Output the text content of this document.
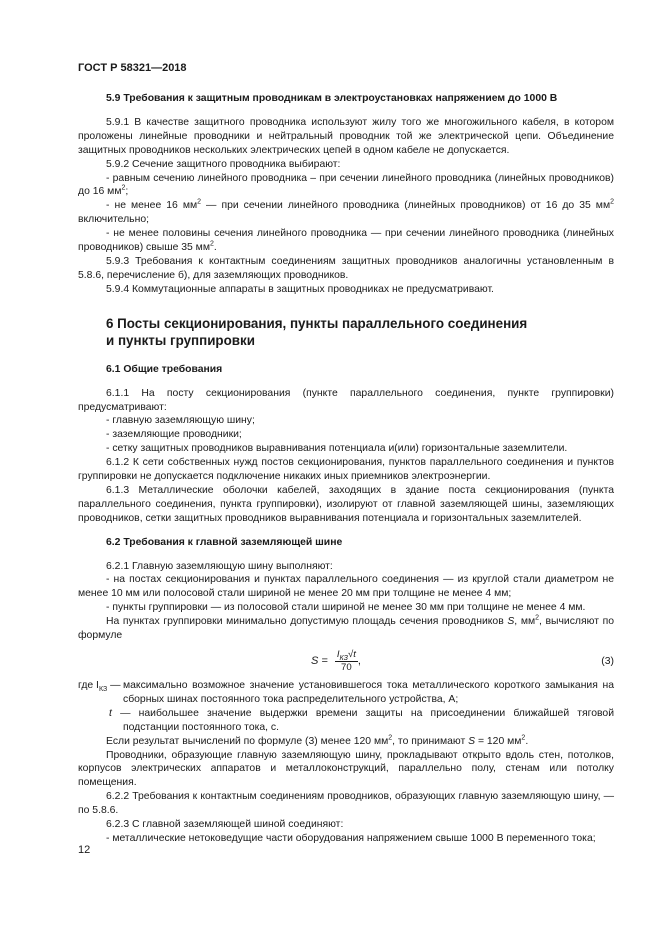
ГОСТ Р 58321—2018

5.9 Требования к защитным проводникам в электроустановках напряжением до 1000 В

5.9.1 В качестве защитного проводника используют жилу того же многожильного кабеля, в котором проложены линейные проводники и нейтральный проводник той же электрической цепи. Объединение защитных проводников нескольких электрических цепей в одном кабеле не допускается.

5.9.2 Сечение защитного проводника выбирают:

- равным сечению линейного проводника – при сечении линейного проводника (линейных проводников) до 16 $мм^2$;

- не менее 16 $мм^2$ — при сечении линейного проводника (линейных проводников) от 16 до 35 $мм^2$ включительно;

- не менее половины сечения линейного проводника — при сечении линейного проводника (линейных проводников) свыше 35 $мм^2$.

5.9.3 Требования к контактным соединениям защитных проводников аналогичны установленным в 5.8.6, перечисление б), для заземляющих проводников.

5.9.4 Коммутационные аппараты в защитных проводниках не предусматривают.

6 Посты секционирования, пункты параллельного соединения
и пункты группировки

6.1 Общие требования

6.1.1 На посту секционирования (пункте параллельного соединения, пункте группировки) предусматривают:

- главную заземляющую шину;

- заземляющие проводники;

- сетку защитных проводников выравнивания потенциала и(или) горизонтальные заземлители.

6.1.2 К сети собственных нужд постов секционирования, пунктов параллельного соединения и пунктов группировки не допускается подключение никаких иных приемников электроэнергии.

6.1.3 Металлические оболочки кабелей, заходящих в здание поста секционирования (пункта параллельного соединения, пункта группировки), изолируют от главной заземляющей шины, заземляющих проводников, сетки защитных проводников выравнивания потенциала и горизонтальных заземлителей.

6.2 Требования к главной заземляющей шине

6.2.1 Главную заземляющую шину выполняют:

- на постах секционирования и пунктах параллельного соединения — из круглой стали диаметром не менее 10 мм или полосовой стали шириной не менее 20 мм при толщине не менее 4 мм;

- пункты группировки — из полосовой стали шириной не менее 30 мм при толщине не менее 4 мм.

На пунктах группировки минимально допустимую площадь сечения проводников S, $мм^2$, вычисляют по формуле

$S = \frac{I_{КЗ}√t}{70}$ ,	(3)
где $I_{КЗ}$ — максимально возможное значение установившегося тока металлического короткого замыкания на сборных шинах постоянного тока распределительного устройства, А;

t — наибольшее значение выдержки времени защиты на присоединении ближайшей тяговой подстанции постоянного тока, с.

Если результат вычислений по формуле (3) менее 120 $мм^2$, то принимают S = 120 $мм^2$.

Проводники, образующие главную заземляющую шину, прокладывают открыто вдоль стен, потолков, корпусов электрических аппаратов и металлоконструкций, параллельно полу, стенам или потолку помещения.

6.2.2 Требования к контактным соединениям проводников, образующих главную заземляющую шину, — по 5.8.6.

6.2.3 С главной заземляющей шиной соединяют:

- металлические нетоковедущие части оборудования напряжением свыше 1000 В переменного тока;

12
